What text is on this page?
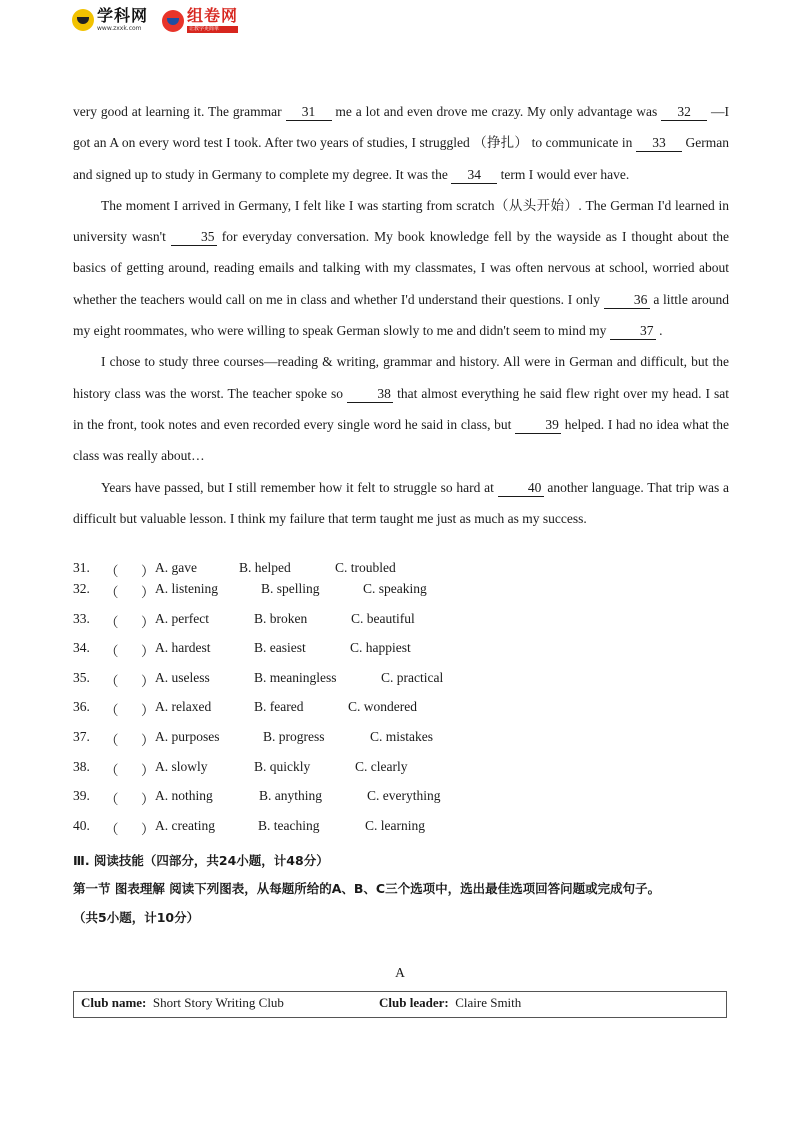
学科网
www.zxxk.com
组卷网
让教学更简单

very good at learning it. The grammar 31 me a lot and even drove me crazy. My only advantage was 32 —I got an A on every word test I took. After two years of studies, I struggled （挣扎） to communicate in 33 German and signed up to study in Germany to complete my degree. It was the 34 term I would ever have.

The moment I arrived in Germany, I felt like I was starting from scratch（从头开始）. The German I'd learned in university wasn't 35 for everyday conversation. My book knowledge fell by the wayside as I thought about the basics of getting around, reading emails and talking with my classmates, I was often nervous at school, worried about whether the teachers would call on me in class and whether I'd understand their questions. I only 36 a little around my eight roommates, who were willing to speak German slowly to me and didn't seem to mind my 37 .

I chose to study three courses—reading & writing, grammar and history. All were in German and difficult, but the history class was the worst. The teacher spoke so 38 that almost everything he said flew right over my head. I sat in the front, took notes and even recorded every single word he said in class, but 39 helped. I had no idea what the class was really about…

Years have passed, but I still remember how it felt to struggle so hard at 40 another language. That trip was a difficult but valuable lesson. I think my failure that term taught me just as much as my success.

31. （ ） A. gave	B. helped	C. troubled
32. （ ） A. listening	B. spelling	C. speaking
33. （ ） A. perfect	B. broken	C. beautiful
34. （ ） A. hardest	B. easiest	C. happiest
35. （ ） A. useless	B. meaningless	C. practical
36. （ ） A. relaxed	B. feared	C. wondered
37. （ ） A. purposes	B. progress	C. mistakes
38. （ ） A. slowly	B. quickly	C. clearly
39. （ ） A. nothing	B. anything	C. everything
40. （ ） A. creating	B. teaching	C. learning
Ⅲ. 阅读技能（四部分，共24小题，计48分）
第一节 图表理解 阅读下列图表，从每题所给的A、B、C三个选项中，选出最佳选项回答问题或完成句子。
（共5小题，计10分）
A
Club name: Short Story Writing Club	Club leader: Claire Smith
